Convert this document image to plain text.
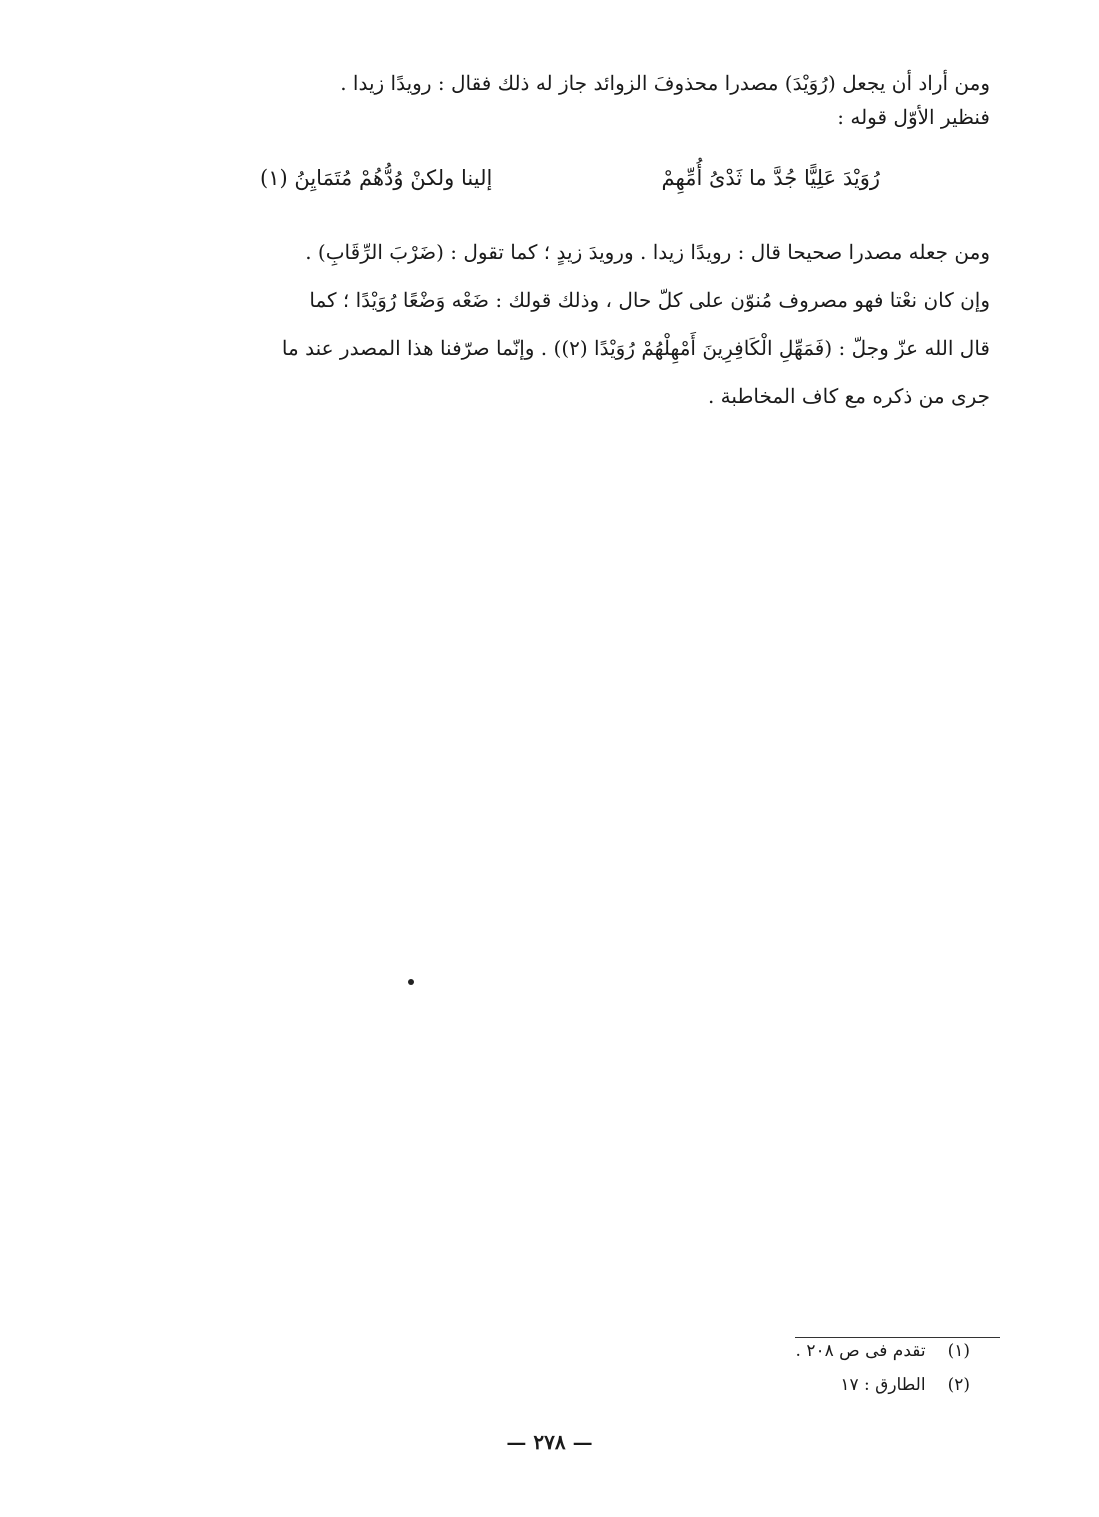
ومن أراد أن يجعل (رُوَيْدَ) مصدرا محذوفَ الزوائد جاز له ذلك فقال : رويدًا زيدا .
فنظير الأوّل قوله :
رُوَيْدَ عَلِيًّا جُدَّ ما ثَدْىُ أُمِّهِمْ
إلينا ولكنْ وُدُّهُمْ مُتَمَايِنُ (١)
ومن جعله مصدرا صحيحا قال : رويدًا زيدا . ورويدَ زيدٍ ؛ كما تقول : (ضَرْبَ الرِّقَابِ) .
وإن كان نعْتا فهو مصروف مُنوّن على كلّ حال ، وذلك قولك : ضَعْه وَضْعًا رُوَيْدًا ؛ كما
قال الله عزّ وجلّ : (فَمَهِّلِ الْكَافِرِينَ أَمْهِلْهُمْ رُوَيْدًا (٢)) . وإنّما صرّفنا هذا المصدر عند ما
جرى من ذكره مع كاف المخاطبة .
(١)تقدم فى ص ٢٠٨ .
(٢)الطارق : ١٧
— ٢٧٨ —
